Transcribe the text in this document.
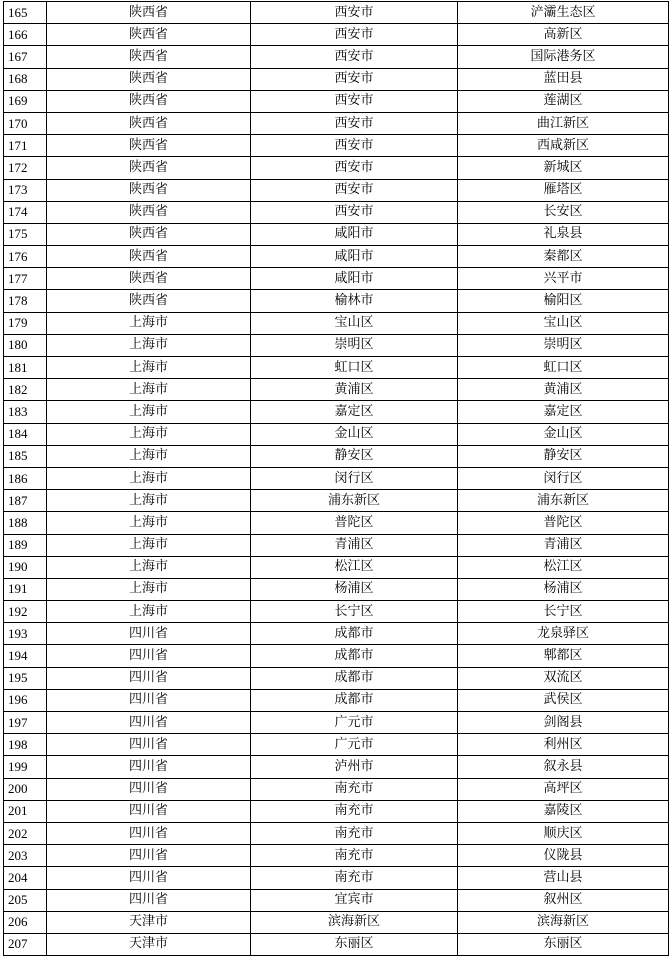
165	陕西省	西安市	浐灞生态区
166	陕西省	西安市	高新区
167	陕西省	西安市	国际港务区
168	陕西省	西安市	蓝田县
169	陕西省	西安市	莲湖区
170	陕西省	西安市	曲江新区
171	陕西省	西安市	西咸新区
172	陕西省	西安市	新城区
173	陕西省	西安市	雁塔区
174	陕西省	西安市	长安区
175	陕西省	咸阳市	礼泉县
176	陕西省	咸阳市	秦都区
177	陕西省	咸阳市	兴平市
178	陕西省	榆林市	榆阳区
179	上海市	宝山区	宝山区
180	上海市	崇明区	崇明区
181	上海市	虹口区	虹口区
182	上海市	黄浦区	黄浦区
183	上海市	嘉定区	嘉定区
184	上海市	金山区	金山区
185	上海市	静安区	静安区
186	上海市	闵行区	闵行区
187	上海市	浦东新区	浦东新区
188	上海市	普陀区	普陀区
189	上海市	青浦区	青浦区
190	上海市	松江区	松江区
191	上海市	杨浦区	杨浦区
192	上海市	长宁区	长宁区
193	四川省	成都市	龙泉驿区
194	四川省	成都市	郫都区
195	四川省	成都市	双流区
196	四川省	成都市	武侯区
197	四川省	广元市	剑阁县
198	四川省	广元市	利州区
199	四川省	泸州市	叙永县
200	四川省	南充市	高坪区
201	四川省	南充市	嘉陵区
202	四川省	南充市	顺庆区
203	四川省	南充市	仪陇县
204	四川省	南充市	营山县
205	四川省	宜宾市	叙州区
206	天津市	滨海新区	滨海新区
207	天津市	东丽区	东丽区
